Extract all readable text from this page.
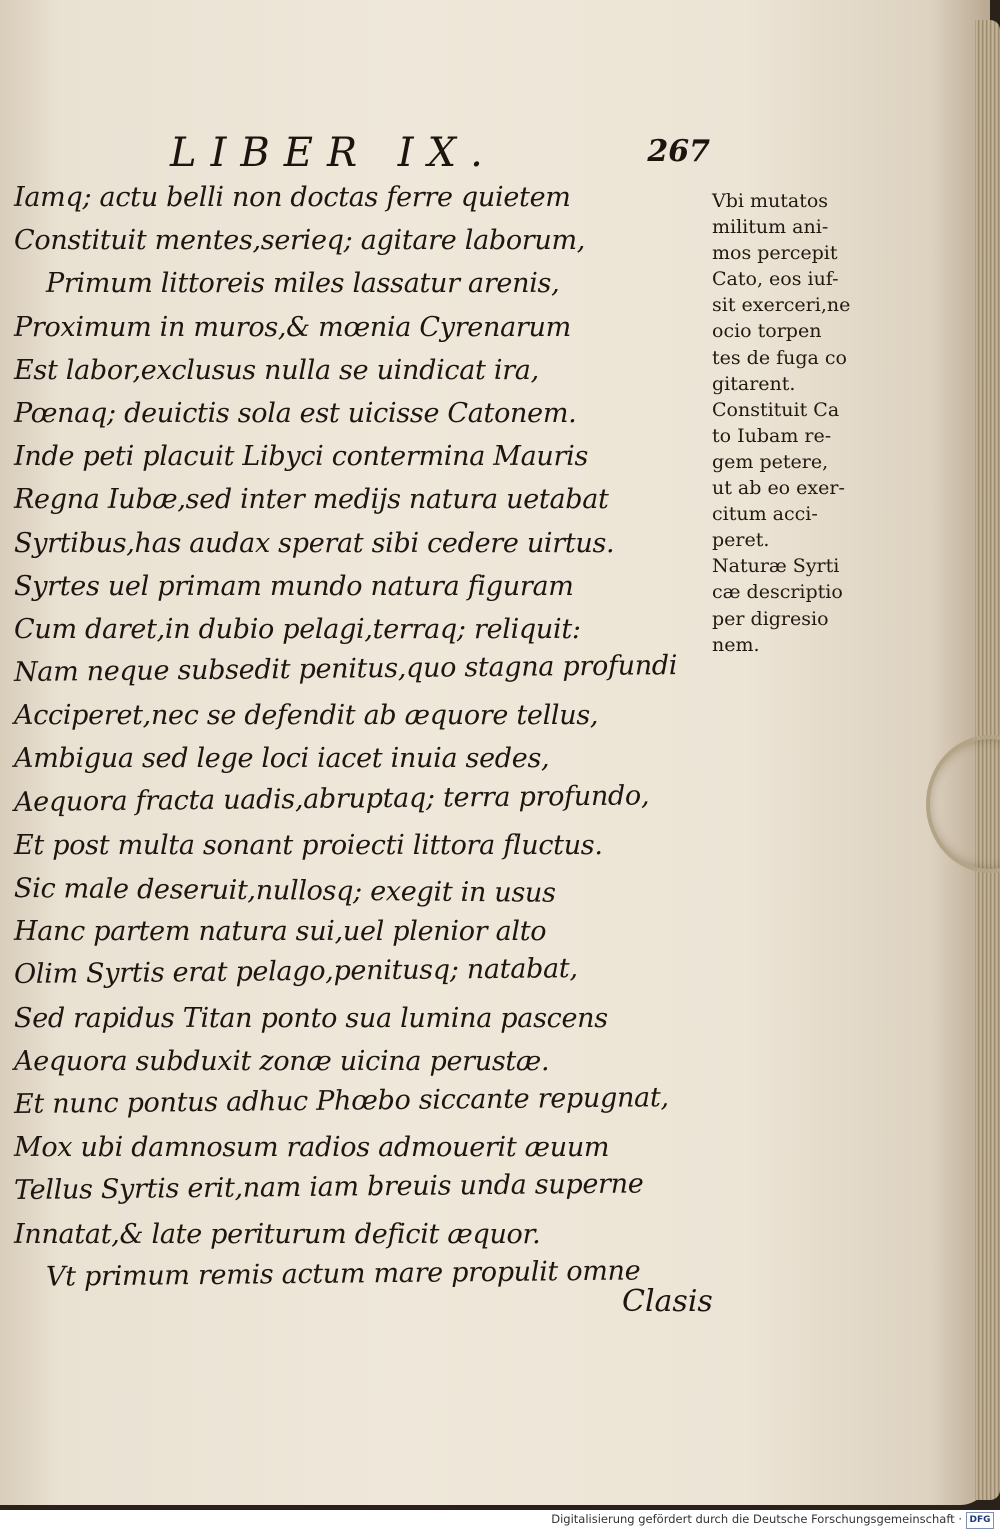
LIBER IX.	267
Iamq; actu belli non doctas ferre quietem
Constituit mentes,serieq; agitare laborum,
Primum littoreis miles lassatur arenis,
Proximum in muros,& mœnia Cyrenarum
Est labor,exclusus nulla se uindicat ira,
Pœnaq; deuictis sola est uicisse Catonem.
Inde peti placuit Libyci contermina Mauris
Regna Iubæ,sed inter medijs natura uetabat
Syrtibus,has audax sperat sibi cedere uirtus.
Syrtes uel primam mundo natura figuram
Cum daret,in dubio pelagi,terraq; reliquit:
Nam neque subsedit penitus,quo stagna profundi
Acciperet,nec se defendit ab æquore tellus,
Ambigua sed lege loci iacet inuia sedes,
Aequora fracta uadis,abruptaq; terra profundo,
Et post multa sonant proiecti littora fluctus.
Sic male deseruit,nullosq; exegit in usus
Hanc partem natura sui,uel plenior alto
Olim Syrtis erat pelago,penitusq; natabat,
Sed rapidus Titan ponto sua lumina pascens
Aequora subduxit zonæ uicina perustæ.
Et nunc pontus adhuc Phœbo siccante repugnat,
Mox ubi damnosum radios admouerit æuum
Tellus Syrtis erit,nam iam breuis unda superne
Innatat,& late periturum deficit æquor.
Vt primum remis actum mare propulit omne
Clasis
Vbi mutatos
militum ani-
mos percepit
Cato, eos iuf-
sit exerceri,ne
ocio torpen
tes de fuga co
gitarent.
Constituit Ca
to Iubam re-
gem petere,
ut ab eo exer-
citum acci-
peret.
Naturæ Syrti
cæ descriptio
per digresio
nem.
Digitalisierung gefördert durch die Deutsche Forschungsgemeinschaft · DFG
